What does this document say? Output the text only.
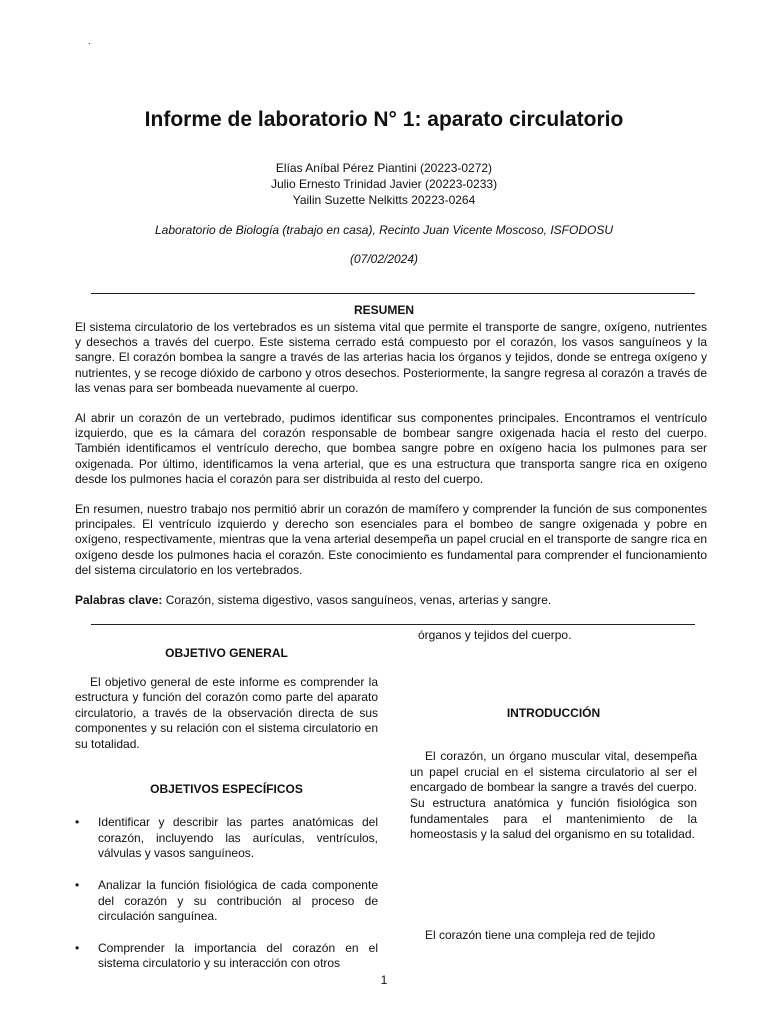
.
Informe de laboratorio N° 1: aparato circulatorio
Elías Aníbal Pérez Piantini (20223-0272)
Julio Ernesto Trinidad Javier (20223-0233)
Yailin Suzette Nelkitts 20223-0264
Laboratorio de Biología (trabajo en casa), Recinto Juan Vicente Moscoso, ISFODOSU
(07/02/2024)
RESUMEN

El sistema circulatorio de los vertebrados es un sistema vital que permite el transporte de sangre, oxígeno, nutrientes y desechos a través del cuerpo. Este sistema cerrado está compuesto por el corazón, los vasos sanguíneos y la sangre. El corazón bombea la sangre a través de las arterias hacia los órganos y tejidos, donde se entrega oxígeno y nutrientes, y se recoge dióxido de carbono y otros desechos. Posteriormente, la sangre regresa al corazón a través de las venas para ser bombeada nuevamente al cuerpo.

Al abrir un corazón de un vertebrado, pudimos identificar sus componentes principales. Encontramos el ventrículo izquierdo, que es la cámara del corazón responsable de bombear sangre oxigenada hacia el resto del cuerpo. También identificamos el ventrículo derecho, que bombea sangre pobre en oxígeno hacia los pulmones para ser oxigenada. Por último, identificamos la vena arterial, que es una estructura que transporta sangre rica en oxígeno desde los pulmones hacia el corazón para ser distribuida al resto del cuerpo.

En resumen, nuestro trabajo nos permitió abrir un corazón de mamífero y comprender la función de sus componentes principales. El ventrículo izquierdo y derecho son esenciales para el bombeo de sangre oxigenada y pobre en oxígeno, respectivamente, mientras que la vena arterial desempeña un papel crucial en el transporte de sangre rica en oxígeno desde los pulmones hacia el corazón. Este conocimiento es fundamental para comprender el funcionamiento del sistema circulatorio en los vertebrados.

Palabras clave: Corazón, sistema digestivo, vasos sanguíneos, venas, arterias y sangre.
OBJETIVO GENERAL

El objetivo general de este informe es comprender la estructura y función del corazón como parte del aparato circulatorio, a través de la observación directa de sus componentes y su relación con el sistema circulatorio en su totalidad.

OBJETIVOS ESPECÍFICOS
• Identificar y describir las partes anatómicas del corazón, incluyendo las aurículas, ventrículos, válvulas y vasos sanguíneos.
• Analizar la función fisiológica de cada componente del corazón y su contribución al proceso de circulación sanguínea.
• Comprender la importancia del corazón en el sistema circulatorio y su interacción con otros
órganos y tejidos del cuerpo.
INTRODUCCIÓN

El corazón, un órgano muscular vital, desempeña un papel crucial en el sistema circulatorio al ser el encargado de bombear la sangre a través del cuerpo. Su estructura anatómica y función fisiológica son fundamentales para el mantenimiento de la homeostasis y la salud del organismo en su totalidad.

El corazón tiene una compleja red de tejido

1
